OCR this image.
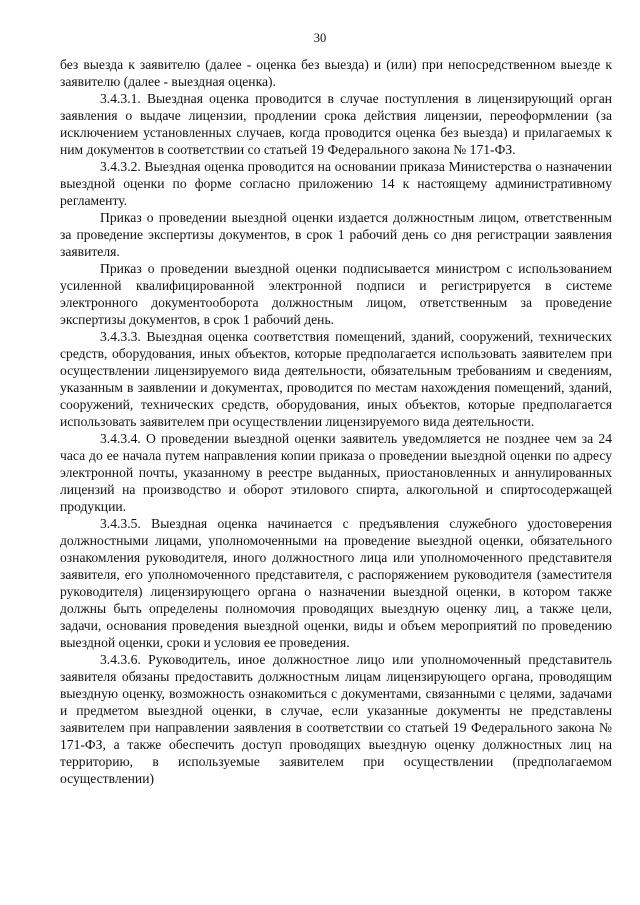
30

без выезда к заявителю (далее - оценка без выезда) и (или) при непосредственном выезде к заявителю (далее - выездная оценка).

3.4.3.1. Выездная оценка проводится в случае поступления в лицензирующий орган заявления о выдаче лицензии, продлении срока действия лицензии, переоформлении (за исключением установленных случаев, когда проводится оценка без выезда) и прилагаемых к ним документов в соответствии со статьей 19 Федерального закона № 171-ФЗ.

3.4.3.2. Выездная оценка проводится на основании приказа Министерства о назначении выездной оценки по форме согласно приложению 14 к настоящему административному регламенту.

Приказ о проведении выездной оценки издается должностным лицом, ответственным за проведение экспертизы документов, в срок 1 рабочий день со дня регистрации заявления заявителя.

Приказ о проведении выездной оценки подписывается министром с использованием усиленной квалифицированной электронной подписи и регистрируется в системе электронного документооборота должностным лицом, ответственным за проведение экспертизы документов, в срок 1 рабочий день.

3.4.3.3. Выездная оценка соответствия помещений, зданий, сооружений, технических средств, оборудования, иных объектов, которые предполагается использовать заявителем при осуществлении лицензируемого вида деятельности, обязательным требованиям и сведениям, указанным в заявлении и документах, проводится по местам нахождения помещений, зданий, сооружений, технических средств, оборудования, иных объектов, которые предполагается использовать заявителем при осуществлении лицензируемого вида деятельности.

3.4.3.4. О проведении выездной оценки заявитель уведомляется не позднее чем за 24 часа до ее начала путем направления копии приказа о проведении выездной оценки по адресу электронной почты, указанному в реестре выданных, приостановленных и аннулированных лицензий на производство и оборот этилового спирта, алкогольной и спиртосодержащей продукции.

3.4.3.5. Выездная оценка начинается с предъявления служебного удостоверения должностными лицами, уполномоченными на проведение выездной оценки, обязательного ознакомления руководителя, иного должностного лица или уполномоченного представителя заявителя, его уполномоченного представителя, с распоряжением руководителя (заместителя руководителя) лицензирующего органа о назначении выездной оценки, в котором также должны быть определены полномочия проводящих выездную оценку лиц, а также цели, задачи, основания проведения выездной оценки, виды и объем мероприятий по проведению выездной оценки, сроки и условия ее проведения.

3.4.3.6. Руководитель, иное должностное лицо или уполномоченный представитель заявителя обязаны предоставить должностным лицам лицензирующего органа, проводящим выездную оценку, возможность ознакомиться с документами, связанными с целями, задачами и предметом выездной оценки, в случае, если указанные документы не представлены заявителем при направлении заявления в соответствии со статьей 19 Федерального закона № 171-ФЗ, а также обеспечить доступ проводящих выездную оценку должностных лиц на территорию, в используемые заявителем при осуществлении (предполагаемом осуществлении)
